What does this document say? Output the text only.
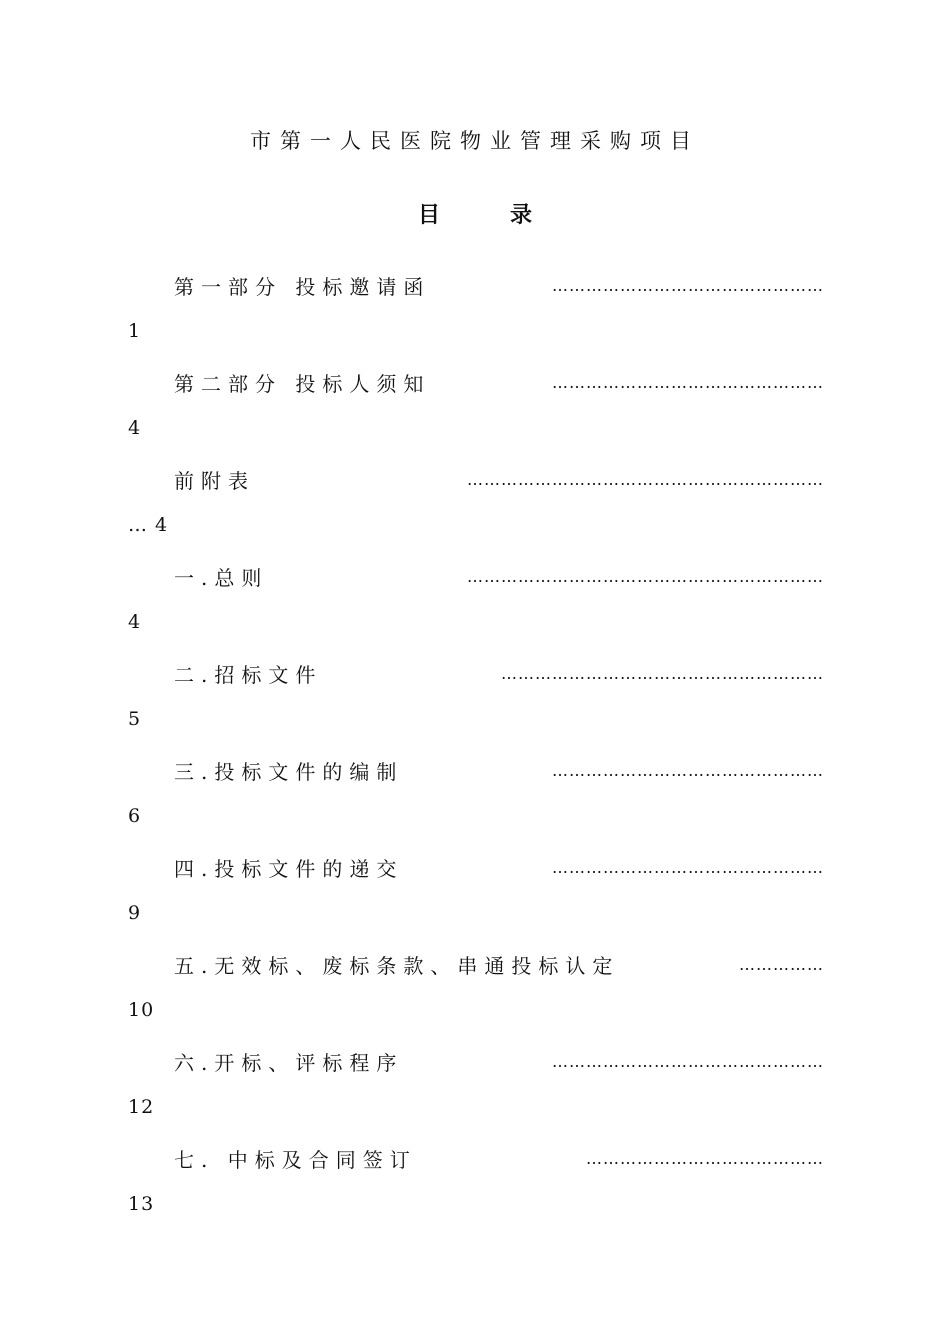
市第一人民医院物业管理采购项目
目录
第一部分 投标邀请函	…………………………………………
1
第二部分 投标人须知	…………………………………………
4
前附表	………………………………………………………
… 4
一.总则	………………………………………………………
4
二.招标文件	…………………………………………………
5
三.投标文件的编制	…………………………………………
6
四.投标文件的递交	…………………………………………
9
五.无效标、废标条款、串通投标认定	……………
10
六.开标、评标程序	…………………………………………
12
七. 中标及合同签订	……………………………………
13
